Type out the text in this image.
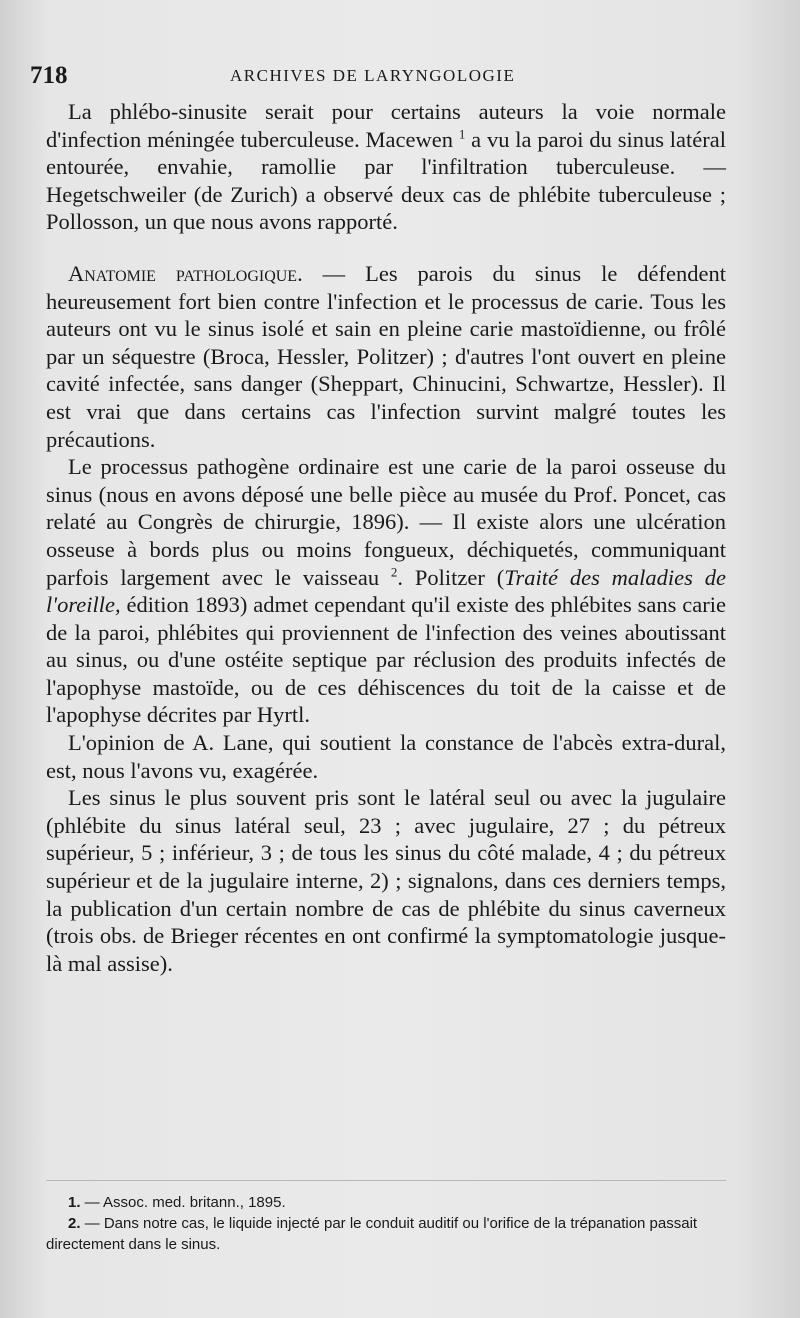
718	ARCHIVES DE LARYNGOLOGIE

La phlébo-sinusite serait pour certains auteurs la voie normale d'infection méningée tuberculeuse. Macewen $^1$ a vu la paroi du sinus latéral entourée, envahie, ramollie par l'infiltration tuberculeuse. — Hegetschweiler (de Zurich) a observé deux cas de phlébite tuberculeuse ; Pollosson, un que nous avons rapporté.

Anatomie pathologique. — Les parois du sinus le défendent heureusement fort bien contre l'infection et le processus de carie. Tous les auteurs ont vu le sinus isolé et sain en pleine carie mastoïdienne, ou frôlé par un séquestre (Broca, Hessler, Politzer) ; d'autres l'ont ouvert en pleine cavité infectée, sans danger (Sheppart, Chinucini, Schwartze, Hessler). Il est vrai que dans certains cas l'infection survint malgré toutes les précautions.

Le processus pathogène ordinaire est une carie de la paroi osseuse du sinus (nous en avons déposé une belle pièce au musée du Prof. Poncet, cas relaté au Congrès de chirurgie, 1896). — Il existe alors une ulcération osseuse à bords plus ou moins fongueux, déchiquetés, communiquant parfois largement avec le vaisseau $^2$. Politzer (Traité des maladies de l'oreille, édition 1893) admet cependant qu'il existe des phlébites sans carie de la paroi, phlébites qui proviennent de l'infection des veines aboutissant au sinus, ou d'une ostéite septique par réclusion des produits infectés de l'apophyse mastoïde, ou de ces déhiscences du toit de la caisse et de l'apophyse décrites par Hyrtl.

L'opinion de A. Lane, qui soutient la constance de l'abcès extra-dural, est, nous l'avons vu, exagérée.

Les sinus le plus souvent pris sont le latéral seul ou avec la jugulaire (phlébite du sinus latéral seul, 23 ; avec jugulaire, 27 ; du pétreux supérieur, 5 ; inférieur, 3 ; de tous les sinus du côté malade, 4 ; du pétreux supérieur et de la jugulaire interne, 2) ; signalons, dans ces derniers temps, la publication d'un certain nombre de cas de phlébite du sinus caverneux (trois obs. de Brieger récentes en ont confirmé la symptomatologie jusque-là mal assise).

1. — Assoc. med. britann., 1895.

2. — Dans notre cas, le liquide injecté par le conduit auditif ou l'orifice de la trépanation passait directement dans le sinus.
